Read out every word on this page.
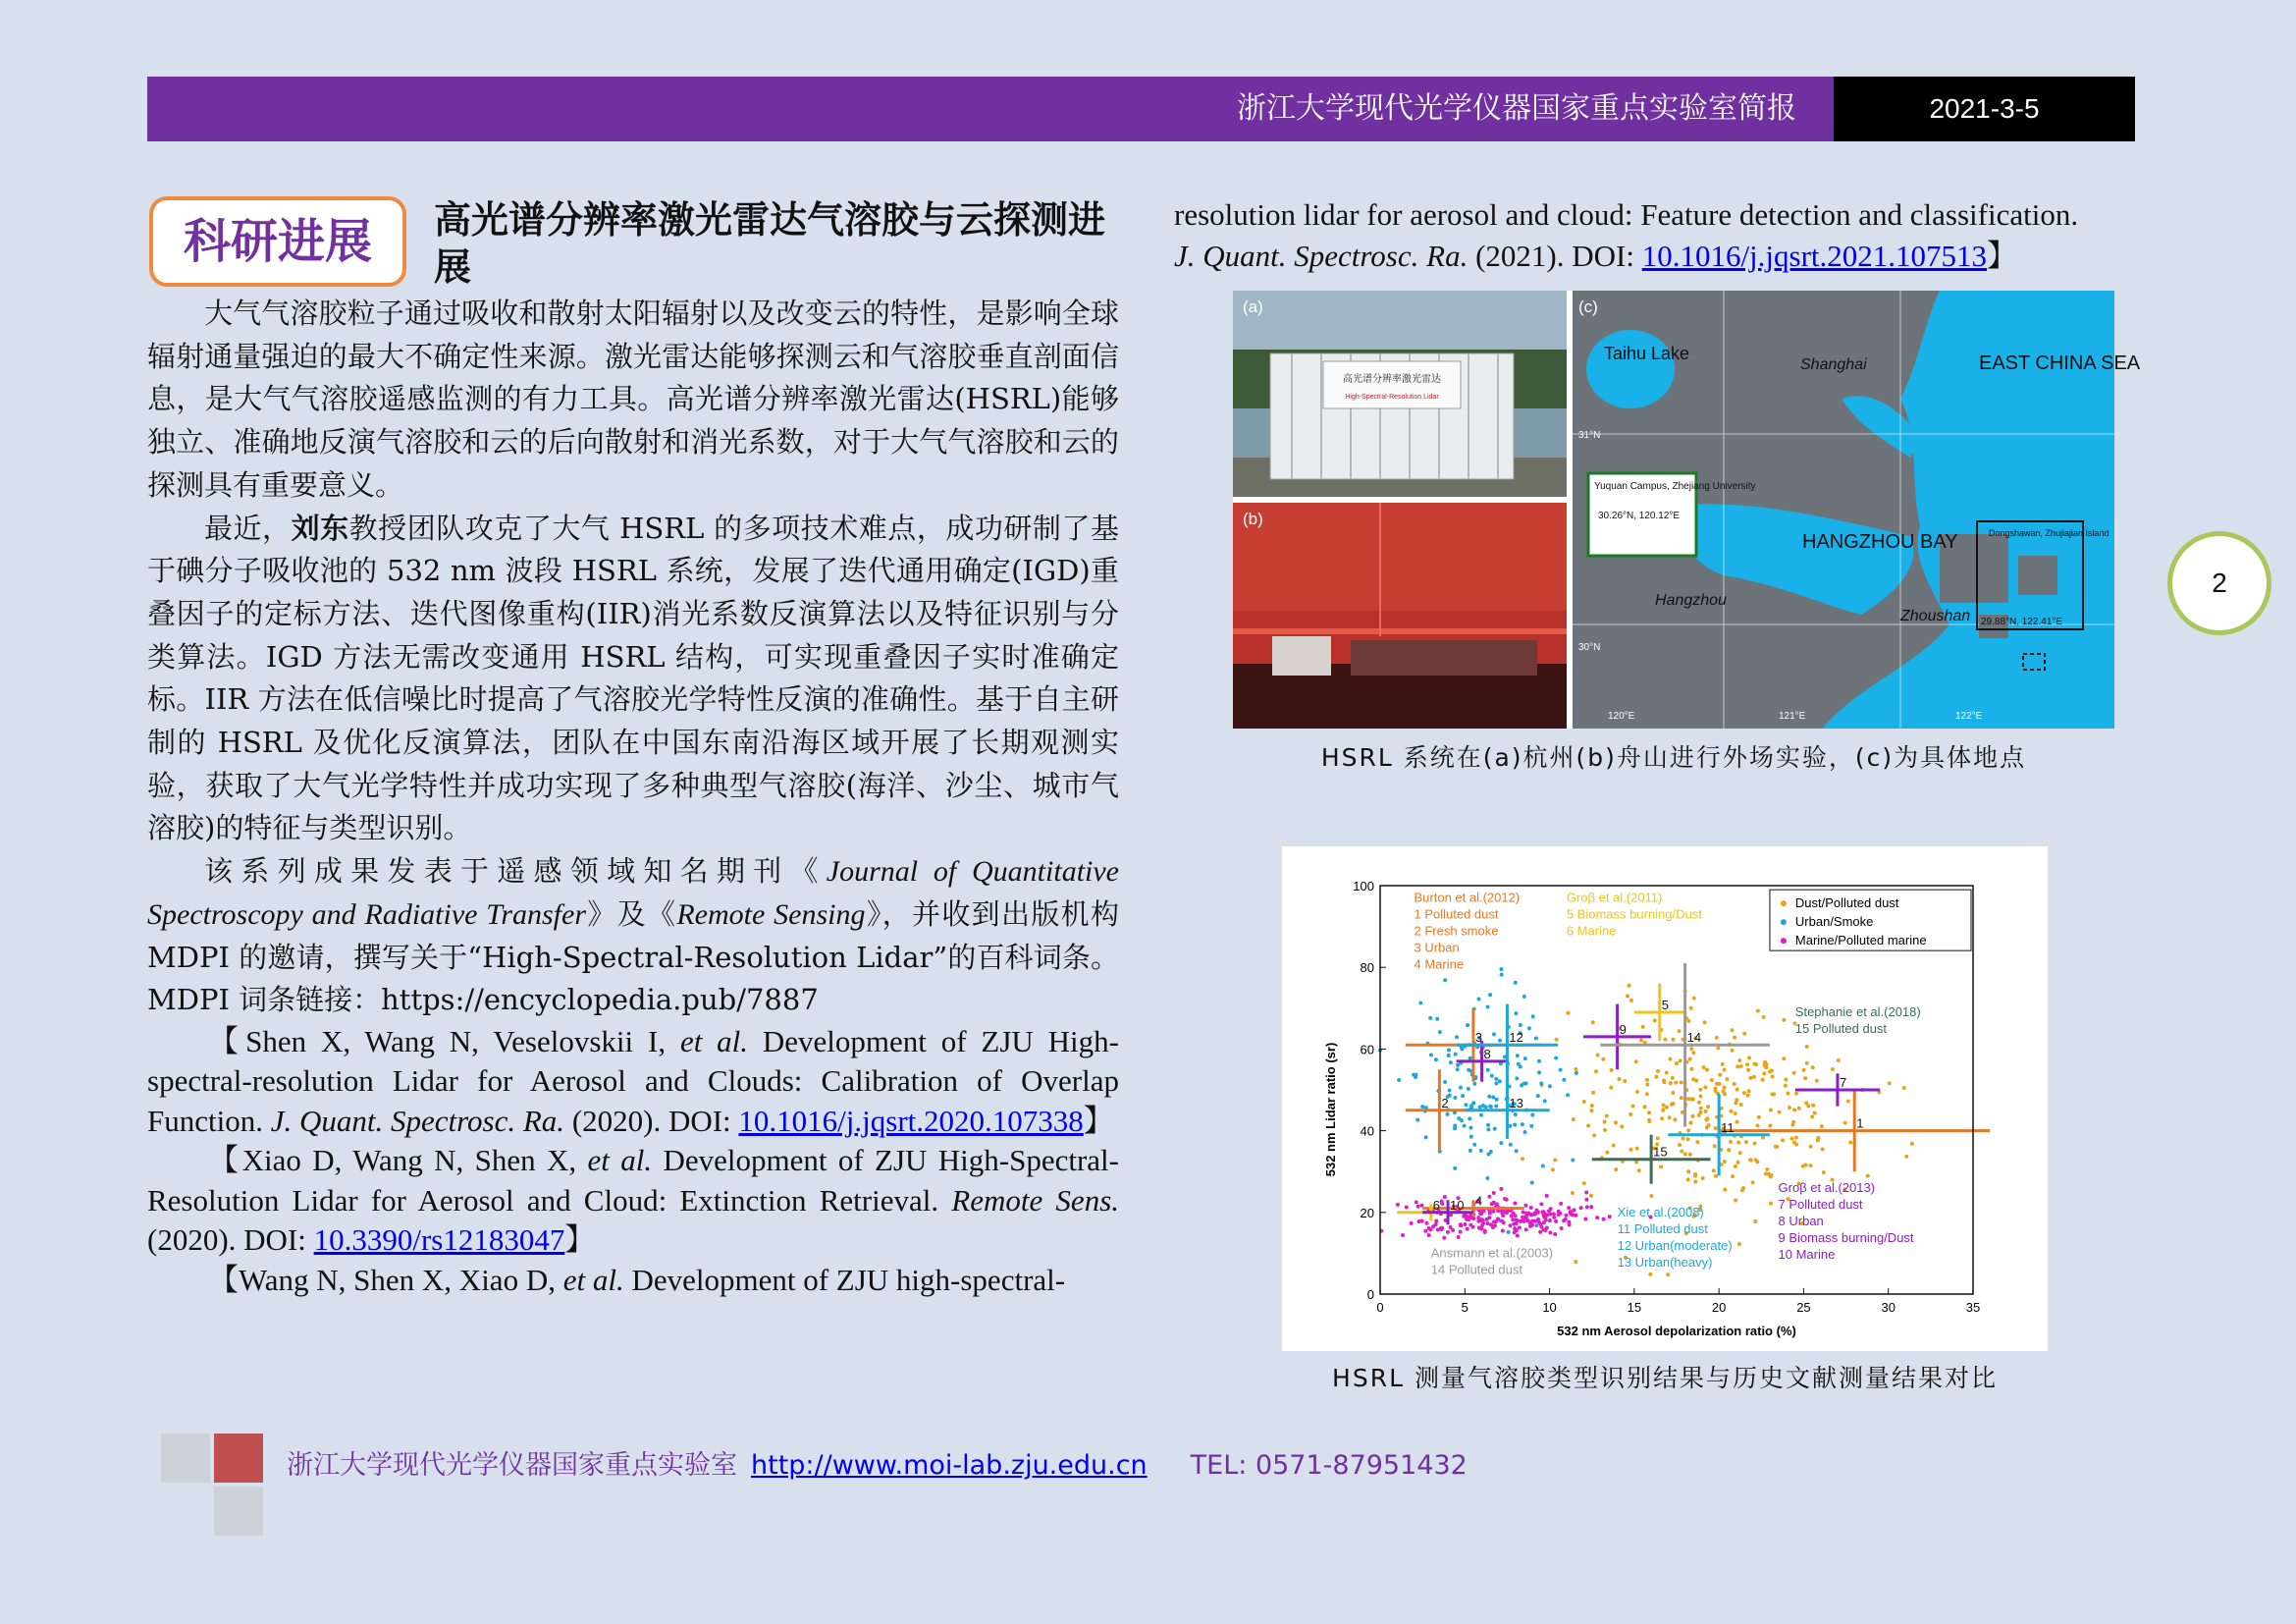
浙江大学现代光学仪器国家重点实验室简报	2021-3-5
科研进展	高光谱分辨率激光雷达气溶胶与云探测进展

大气气溶胶粒子通过吸收和散射太阳辐射以及改变云的特性，是影响全球辐射通量强迫的最大不确定性来源。激光雷达能够探测云和气溶胶垂直剖面信息，是大气气溶胶遥感监测的有力工具。高光谱分辨率激光雷达(HSRL)能够独立、准确地反演气溶胶和云的后向散射和消光系数，对于大气气溶胶和云的探测具有重要意义。

最近，刘东教授团队攻克了大气 HSRL 的多项技术难点，成功研制了基于碘分子吸收池的 532 nm 波段 HSRL 系统，发展了迭代通用确定(IGD)重叠因子的定标方法、迭代图像重构(IIR)消光系数反演算法以及特征识别与分类算法。IGD 方法无需改变通用 HSRL 结构，可实现重叠因子实时准确定标。IIR 方法在低信噪比时提高了气溶胶光学特性反演的准确性。基于自主研制的 HSRL 及优化反演算法，团队在中国东南沿海区域开展了长期观测实验，获取了大气光学特性并成功实现了多种典型气溶胶(海洋、沙尘、城市气溶胶)的特征与类型识别。

该系列成果发表于遥感领域知名期刊《Journal of Quantitative Spectroscopy and Radiative Transfer》及《Remote Sensing》，并收到出版机构 MDPI 的邀请，撰写关于“High-Spectral-Resolution Lidar”的百科词条。MDPI 词条链接：https://encyclopedia.pub/7887

【Shen X, Wang N, Veselovskii I, et al. Development of ZJU High-spectral-resolution Lidar for Aerosol and Clouds: Calibration of Overlap Function. J. Quant. Spectrosc. Ra. (2020). DOI: 10.1016/j.jqsrt.2020.107338】

【Xiao D, Wang N, Shen X, et al. Development of ZJU High-Spectral-Resolution Lidar for Aerosol and Cloud: Extinction Retrieval. Remote Sens. (2020). DOI: 10.3390/rs12183047】

【Wang N, Shen X, Xiao D, et al. Development of ZJU high-spectral-

resolution lidar for aerosol and cloud: Feature detection and classification.
J. Quant. Spectrosc. Ra. (2021). DOI: 10.1016/j.jqsrt.2021.107513】
高光谱分辨率激光雷达
High-Spectral-Resolution Lidar
(a)
(b)
(c)
Taihu Lake
Shanghai	EAST CHINA SEA
HANGZHOU BAY
Hangzhou
Zhoushan
Yuquan Campus, Zhejiang University
30.26°N, 120.12°E
Dongshawan, Zhujiajian Island
29.88°N, 122.41°E
31°N
30°N
120°E	121°E	122°E
HSRL 系统在(a)杭州(b)舟山进行外场实验，(c)为具体地点
1
2
3
4
5
6
7
8
9
10
11
12
13
14
15
0	5	10	15	20	25	30	35
0
20
40
60
80
100
532 nm Aerosol depolarization ratio (%)
532 nm Lidar ratio (sr)
Dust/Polluted dust
Urban/Smoke
Marine/Polluted marine
Burton et al.(2012)
1 Polluted dust
2 Fresh smoke
3 Urban
4 Marine
Groβ et al.(2011)
5 Biomass burning/Dust
6 Marine
Stephanie et al.(2018)
15 Polluted dust
Groβ et al.(2013)
7 Polluted dust
8 Urban
9 Biomass burning/Dust
10 Marine
Xie et al.(2008)
11 Polluted dust
12 Urban(moderate)
13 Urban(heavy)
Ansmann et al.(2003)
14 Polluted dust
HSRL 测量气溶胶类型识别结果与历史文献测量结果对比
2
浙江大学现代光学仪器国家重点实验室 http://www.moi-lab.zju.edu.cn TEL: 0571-87951432
